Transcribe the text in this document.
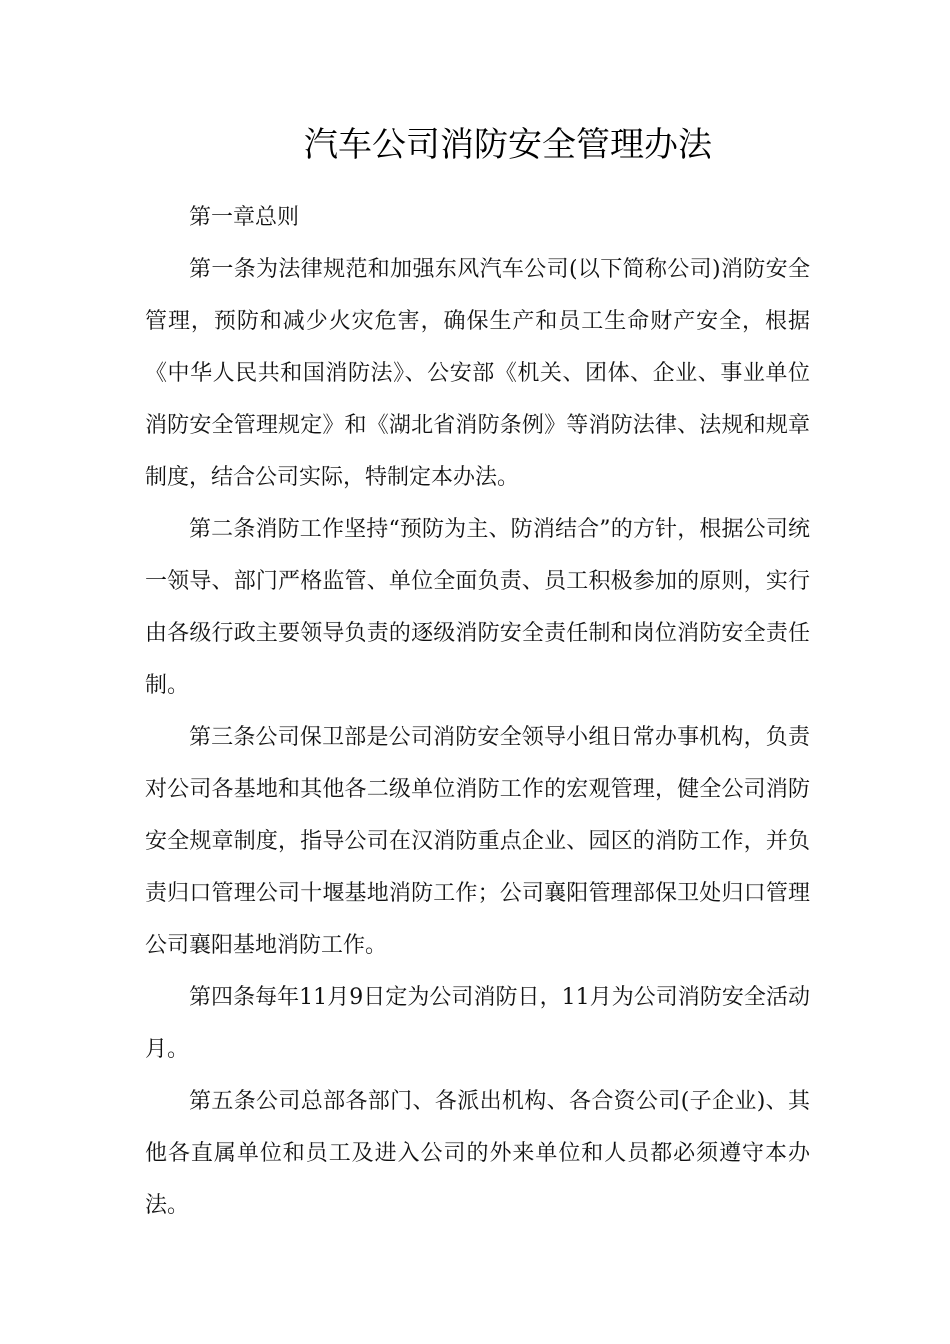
汽车公司消防安全管理办法

第一章总则

第一条为法律规范和加强东风汽车公司(以下简称公司)消防安全管理，预防和减少火灾危害，确保生产和员工生命财产安全，根据《中华人民共和国消防法》、公安部《机关、团体、企业、事业单位消防安全管理规定》和《湖北省消防条例》等消防法律、法规和规章制度，结合公司实际，特制定本办法。

第二条消防工作坚持“预防为主、防消结合”的方针，根据公司统一领导、部门严格监管、单位全面负责、员工积极参加的原则，实行由各级行政主要领导负责的逐级消防安全责任制和岗位消防安全责任制。

第三条公司保卫部是公司消防安全领导小组日常办事机构，负责对公司各基地和其他各二级单位消防工作的宏观管理，健全公司消防安全规章制度，指导公司在汉消防重点企业、园区的消防工作，并负责归口管理公司十堰基地消防工作；公司襄阳管理部保卫处归口管理公司襄阳基地消防工作。

第四条每年11月9日定为公司消防日，11月为公司消防安全活动月。

第五条公司总部各部门、各派出机构、各合资公司(子企业)、其他各直属单位和员工及进入公司的外来单位和人员都必须遵守本办法。
